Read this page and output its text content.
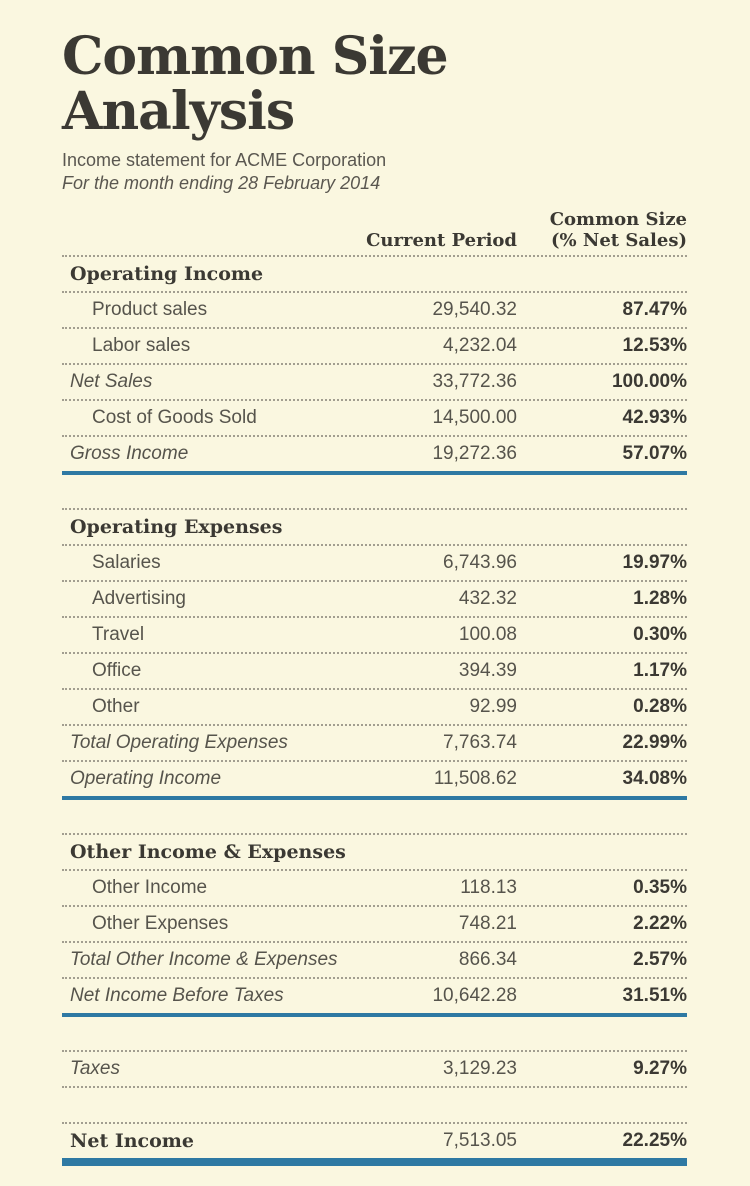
Common Size Analysis
Income statement for ACME Corporation
For the month ending 28 February 2014
Current Period
Common Size
(% Net Sales)
Operating Income
Product sales	29,540.32	87.47%
Labor sales	4,232.04	12.53%
Net Sales	33,772.36	100.00%
Cost of Goods Sold	14,500.00	42.93%
Gross Income	19,272.36	57.07%
Operating Expenses
Salaries	6,743.96	19.97%
Advertising	432.32	1.28%
Travel	100.08	0.30%
Office	394.39	1.17%
Other	92.99	0.28%
Total Operating Expenses	7,763.74	22.99%
Operating Income	11,508.62	34.08%
Other Income & Expenses
Other Income	118.13	0.35%
Other Expenses	748.21	2.22%
Total Other Income & Expenses	866.34	2.57%
Net Income Before Taxes	10,642.28	31.51%
Taxes	3,129.23	9.27%
Net Income	7,513.05	22.25%
